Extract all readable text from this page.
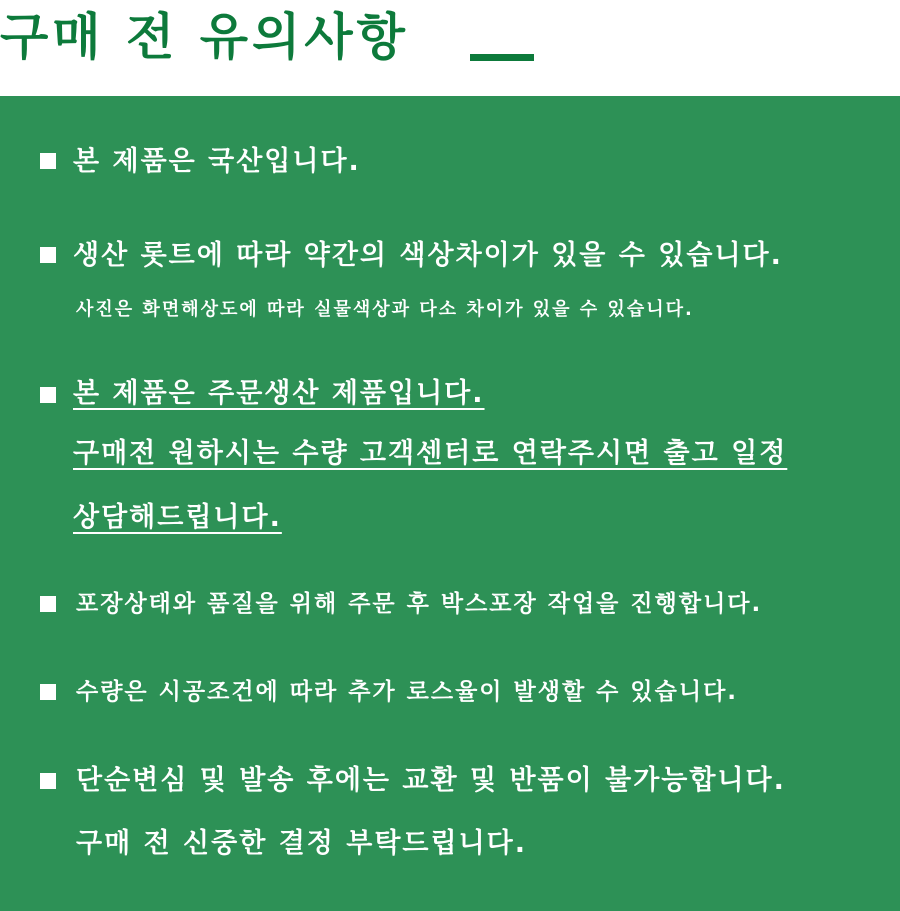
구매 전 유의사항
본 제품은 국산입니다.
생산 롯트에 따라 약간의 색상차이가 있을 수 있습니다.
사진은 화면해상도에 따라 실물색상과 다소 차이가 있을 수 있습니다.
본 제품은 주문생산 제품입니다.
구매전 원하시는 수량 고객센터로 연락주시면 출고 일정
상담해드립니다.
포장상태와 품질을 위해 주문 후 박스포장 작업을 진행합니다.
수량은 시공조건에 따라 추가 로스율이 발생할 수 있습니다.
단순변심 및 발송 후에는 교환 및 반품이 불가능합니다.
구매 전 신중한 결정 부탁드립니다.
